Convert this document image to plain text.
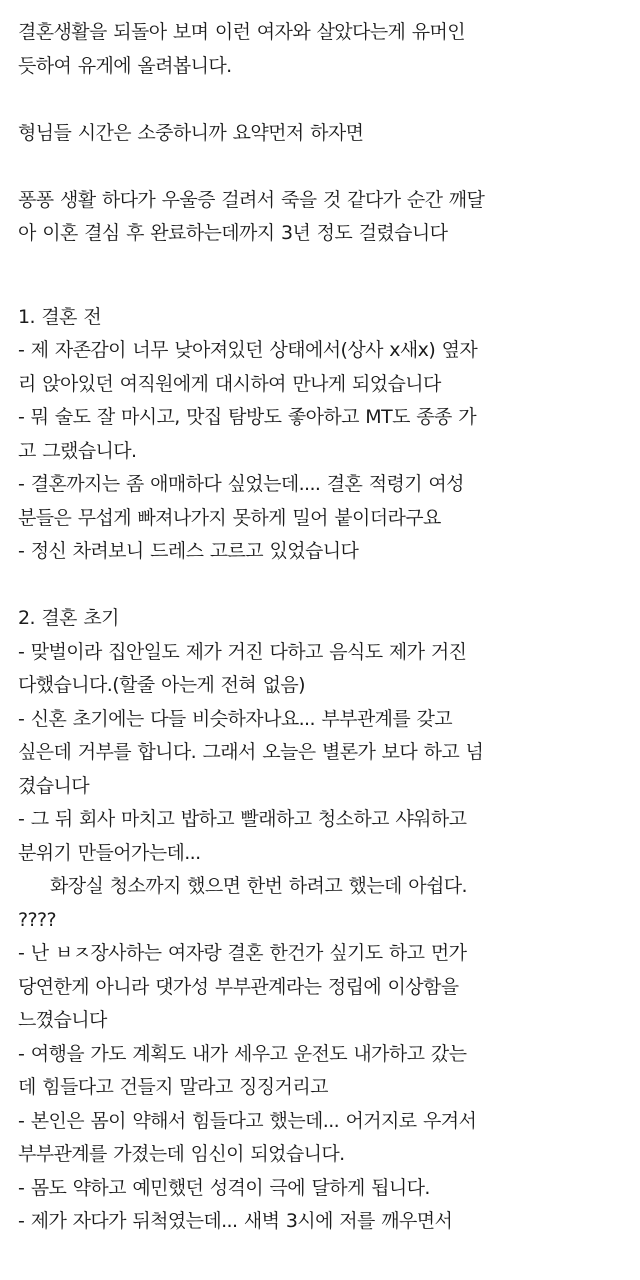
결혼생활을 되돌아 보며 이런 여자와 살았다는게 유머인
듯하여 유게에 올려봅니다.
형님들 시간은 소중하니까 요약먼저 하자면
퐁퐁 생활 하다가 우울증 걸려서 죽을 것 같다가 순간 깨달
아 이혼 결심 후 완료하는데까지 3년 정도 걸렸습니다
1. 결혼 전
- 제 자존감이 너무 낮아져있던 상태에서(상사 x새x) 옆자
리 앉아있던 여직원에게 대시하여 만나게 되었습니다
- 뭐 술도 잘 마시고, 맛집 탐방도 좋아하고 MT도 종종 가
고 그랬습니다.
- 결혼까지는 좀 애매하다 싶었는데.... 결혼 적령기 여성
분들은 무섭게 빠져나가지 못하게 밀어 붙이더라구요
- 정신 차려보니 드레스 고르고 있었습니다
2. 결혼 초기
- 맞벌이라 집안일도 제가 거진 다하고 음식도 제가 거진
다했습니다.(할줄 아는게 전혀 없음)
- 신혼 초기에는 다들 비슷하자나요... 부부관계를 갖고
싶은데 거부를 합니다. 그래서 오늘은 별론가 보다 하고 넘
겼습니다
- 그 뒤 회사 마치고 밥하고 빨래하고 청소하고 샤워하고
분위기 만들어가는데...
화장실 청소까지 했으면 한번 하려고 했는데 아쉽다.
????
- 난 ㅂㅈ장사하는 여자랑 결혼 한건가 싶기도 하고 먼가
당연한게 아니라 댓가성 부부관계라는 정립에 이상함을
느꼈습니다
- 여행을 가도 계획도 내가 세우고 운전도 내가하고 갔는
데 힘들다고 건들지 말라고 징징거리고
- 본인은 몸이 약해서 힘들다고 했는데... 어거지로 우겨서
부부관계를 가졌는데 임신이 되었습니다.
- 몸도 약하고 예민했던 성격이 극에 달하게 됩니다.
- 제가 자다가 뒤척였는데... 새벽 3시에 저를 깨우면서
